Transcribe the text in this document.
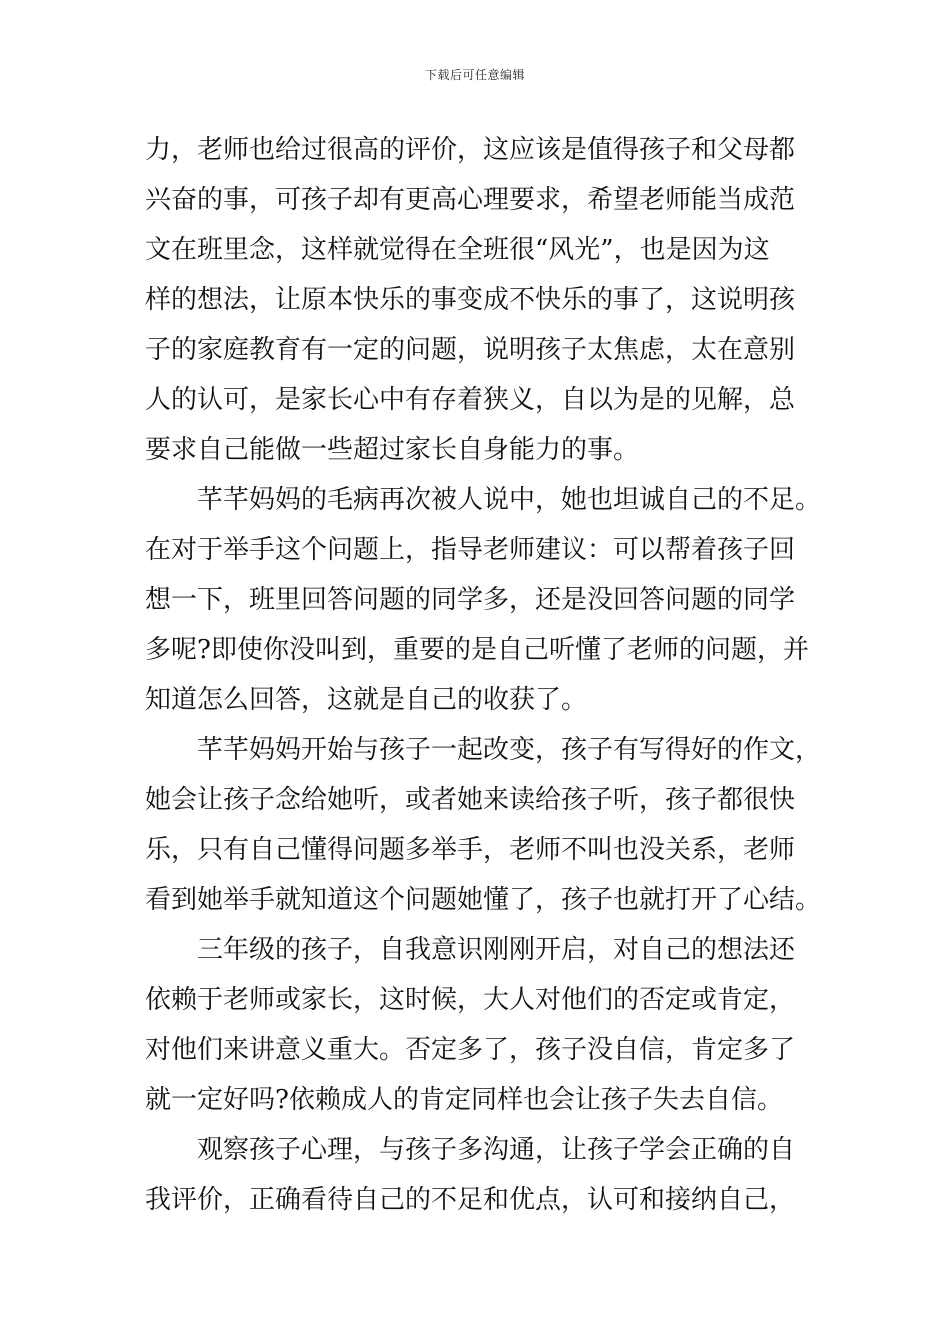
下载后可任意编辑
力，老师也给过很高的评价，这应该是值得孩子和父母都
兴奋的事，可孩子却有更高心理要求，希望老师能当成范
文在班里念，这样就觉得在全班很“风光”，也是因为这
样的想法，让原本快乐的事变成不快乐的事了，这说明孩
子的家庭教育有一定的问题，说明孩子太焦虑，太在意别
人的认可，是家长心中有存着狭义，自以为是的见解，总
要求自己能做一些超过家长自身能力的事。
　　芊芊妈妈的毛病再次被人说中，她也坦诚自己的不足。
在对于举手这个问题上，指导老师建议：可以帮着孩子回
想一下，班里回答问题的同学多，还是没回答问题的同学
多呢?即使你没叫到，重要的是自己听懂了老师的问题，并
知道怎么回答，这就是自己的收获了。
　　芊芊妈妈开始与孩子一起改变，孩子有写得好的作文，
她会让孩子念给她听，或者她来读给孩子听，孩子都很快
乐，只有自己懂得问题多举手，老师不叫也没关系，老师
看到她举手就知道这个问题她懂了，孩子也就打开了心结。
　　三年级的孩子，自我意识刚刚开启，对自己的想法还
依赖于老师或家长，这时候，大人对他们的否定或肯定，
对他们来讲意义重大。否定多了，孩子没自信，肯定多了
就一定好吗?依赖成人的肯定同样也会让孩子失去自信。
　　观察孩子心理，与孩子多沟通，让孩子学会正确的自
我评价，正确看待自己的不足和优点，认可和接纳自己，
